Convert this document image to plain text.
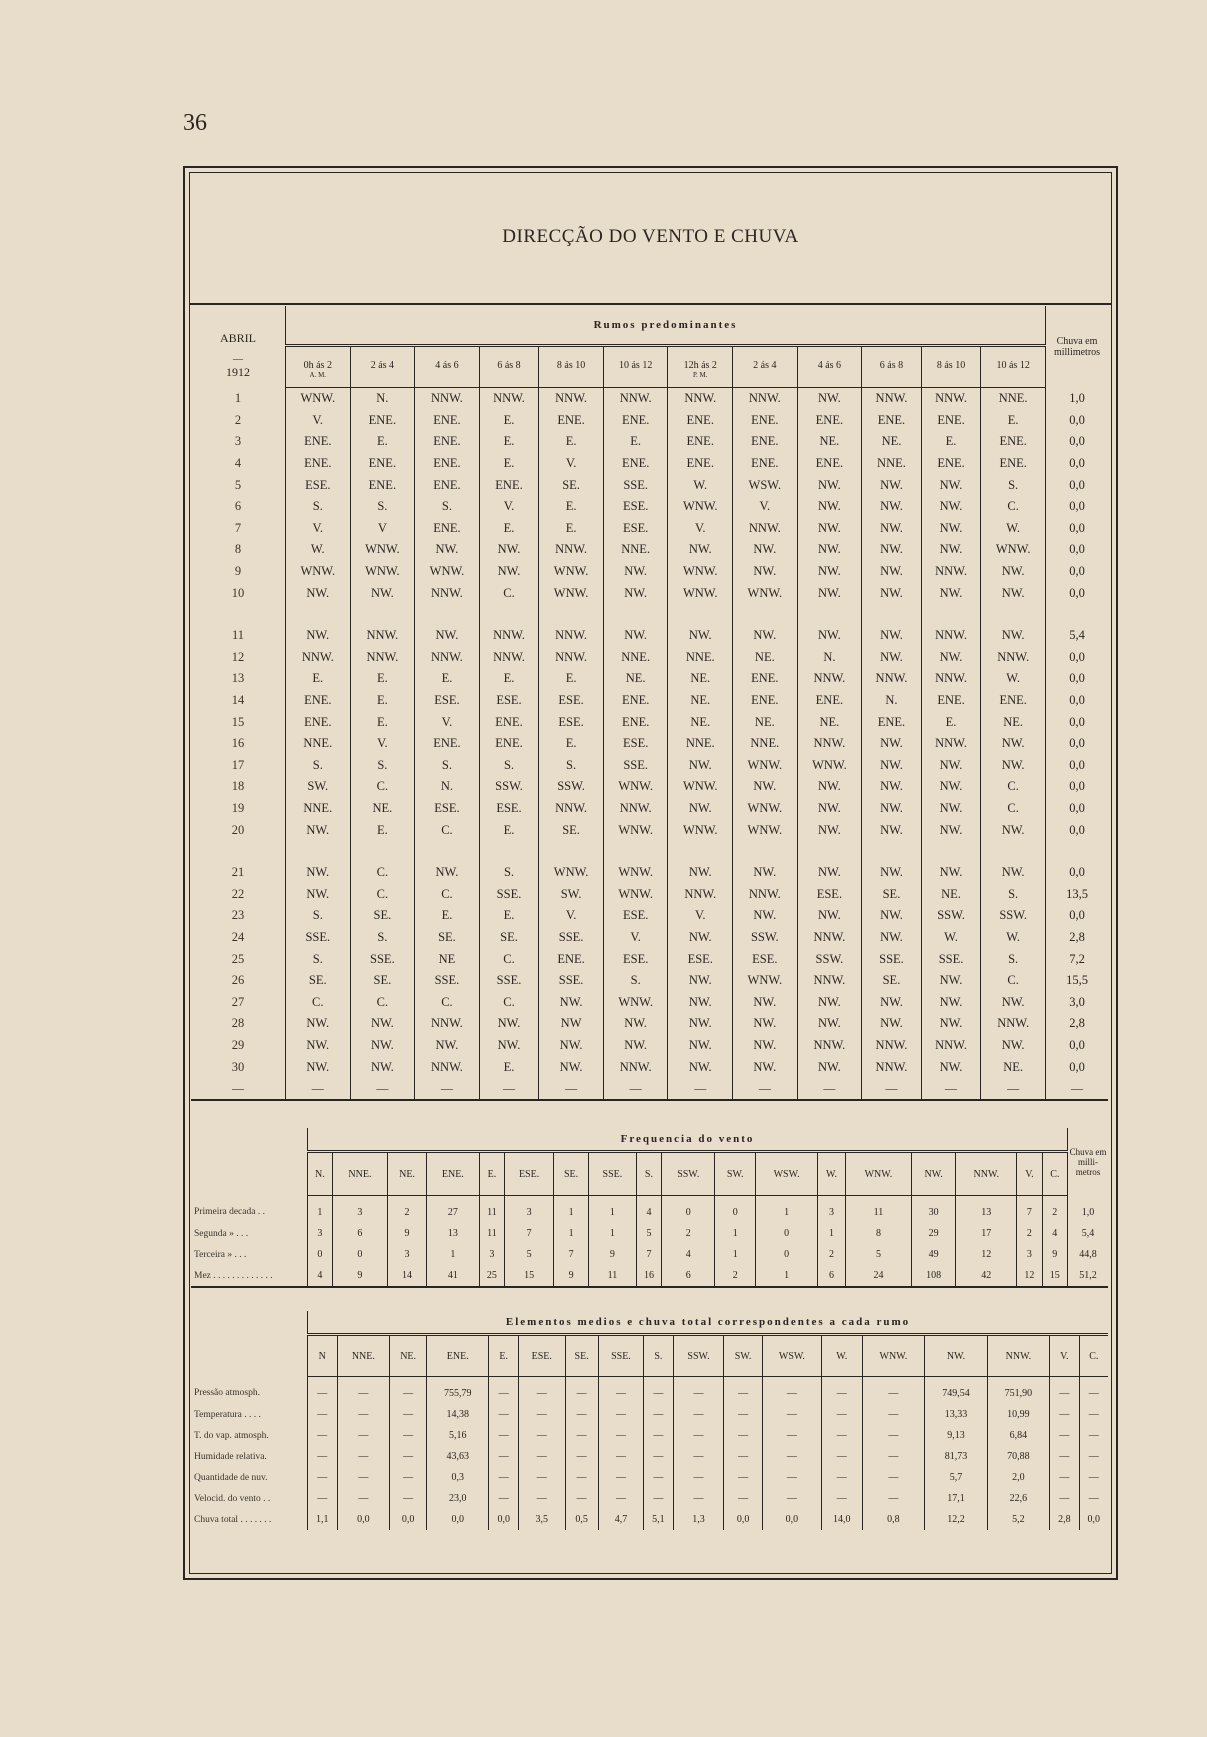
36
DIRECÇÃO DO VENTO E CHUVA
ABRIL	Rumos predominantes												Chuva em millimetros

—
1912	0h ás 2	2 ás 4	4 ás 6	6 ás 8	8 ás 10	10 ás 12	12h ás 2	2 ás 4	4 ás 6	6 ás 8	8 ás 10	10 ás 12	
	A. M.						P. M.						
1	WNW.	N.	NNW.	NNW.	NNW.	NNW.	NNW.	NNW.	NW.	NNW.	NNW.	NNE.	1,0
2	V.	ENE.	ENE.	E.	ENE.	ENE.	ENE.	ENE.	ENE.	ENE.	ENE.	E.	0,0
3	ENE.	E.	ENE.	E.	E.	E.	ENE.	ENE.	NE.	NE.	E.	ENE.	0,0
4	ENE.	ENE.	ENE.	E.	V.	ENE.	ENE.	ENE.	ENE.	NNE.	ENE.	ENE.	0,0
5	ESE.	ENE.	ENE.	ENE.	SE.	SSE.	W.	WSW.	NW.	NW.	NW.	S.	0,0
6	S.	S.	S.	V.	E.	ESE.	WNW.	V.	NW.	NW.	NW.	C.	0,0
7	V.	V	ENE.	E.	E.	ESE.	V.	NNW.	NW.	NW.	NW.	W.	0,0
8	W.	WNW.	NW.	NW.	NNW.	NNE.	NW.	NW.	NW.	NW.	NW.	WNW.	0,0
9	WNW.	WNW.	WNW.	NW.	WNW.	NW.	WNW.	NW.	NW.	NW.	NNW.	NW.	0,0
10	NW.	NW.	NNW.	C.	WNW.	NW.	WNW.	WNW.	NW.	NW.	NW.	NW.	0,0

11	NW.	NNW.	NW.	NNW.	NNW.	NW.	NW.	NW.	NW.	NW.	NNW.	NW.	5,4
12	NNW.	NNW.	NNW.	NNW.	NNW.	NNE.	NNE.	NE.	N.	NW.	NW.	NNW.	0,0
13	E.	E.	E.	E.	E.	NE.	NE.	ENE.	NNW.	NNW.	NNW.	W.	0,0
14	ENE.	E.	ESE.	ESE.	ESE.	ENE.	NE.	ENE.	ENE.	N.	ENE.	ENE.	0,0
15	ENE.	E.	V.	ENE.	ESE.	ENE.	NE.	NE.	NE.	ENE.	E.	NE.	0,0
16	NNE.	V.	ENE.	ENE.	E.	ESE.	NNE.	NNE.	NNW.	NW.	NNW.	NW.	0,0
17	S.	S.	S.	S.	S.	SSE.	NW.	WNW.	WNW.	NW.	NW.	NW.	0,0
18	SW.	C.	N.	SSW.	SSW.	WNW.	WNW.	NW.	NW.	NW.	NW.	C.	0,0
19	NNE.	NE.	ESE.	ESE.	NNW.	NNW.	NW.	WNW.	NW.	NW.	NW.	C.	0,0
20	NW.	E.	C.	E.	SE.	WNW.	WNW.	WNW.	NW.	NW.	NW.	NW.	0,0

21	NW.	C.	NW.	S.	WNW.	WNW.	NW.	NW.	NW.	NW.	NW.	NW.	0,0
22	NW.	C.	C.	SSE.	SW.	WNW.	NNW.	NNW.	ESE.	SE.	NE.	S.	13,5
23	S.	SE.	E.	E.	V.	ESE.	V.	NW.	NW.	NW.	SSW.	SSW.	0,0
24	SSE.	S.	SE.	SE.	SSE.	V.	NW.	SSW.	NNW.	NW.	W.	W.	2,8
25	S.	SSE.	NE	C.	ENE.	ESE.	ESE.	ESE.	SSW.	SSE.	SSE.	S.	7,2
26	SE.	SE.	SSE.	SSE.	SSE.	S.	NW.	WNW.	NNW.	SE.	NW.	C.	15,5
27	C.	C.	C.	C.	NW.	WNW.	NW.	NW.	NW.	NW.	NW.	NW.	3,0
28	NW.	NW.	NNW.	NW.	NW	NW.	NW.	NW.	NW.	NW.	NW.	NNW.	2,8
29	NW.	NW.	NW.	NW.	NW.	NW.	NW.	NW.	NNW.	NNW.	NNW.	NW.	0,0
30	NW.	NW.	NNW.	E.	NW.	NNW.	NW.	NW.	NW.	NNW.	NW.	NE.	0,0
—	—	—	—	—	—	—	—	—	—	—	—	—	—
	Frequencia do vento																		Chuva em milli-metros
	N.	NNE.	NE.	ENE.	E.	ESE.	SE.	SSE.	S.	SSW.	SW.	WSW.	W.	WNW.	NW.	NNW.	V.	C.	
Primeira decada . .	1	3	2	27	11	3	1	1	4	0	0	1	3	11	30	13	7	2	1,0
Segunda » . . .	3	6	9	13	11	7	1	1	5	2	1	0	1	8	29	17	2	4	5,4
Terceira » . . .	0	0	3	1	3	5	7	9	7	4	1	0	2	5	49	12	3	9	44,8
Mez . . . . . . . . . . . . .	4	9	14	41	25	15	9	11	16	6	2	1	6	24	108	42	12	15	51,2
	Elementos medios e chuva total correspondentes a cada rumo																	
	N	NNE.	NE.	ENE.	E.	ESE.	SE.	SSE.	S.	SSW.	SW.	WSW.	W.	WNW.	NW.	NNW.	V.	C.
Pressão atmosph.	—	—	—	755,79	—	—	—	—	—	—	—	—	—	—	749,54	751,90	—	—
Temperatura . . . .	—	—	—	14,38	—	—	—	—	—	—	—	—	—	—	13,33	10,99	—	—
T. do vap. atmosph.	—	—	—	5,16	—	—	—	—	—	—	—	—	—	—	9,13	6,84	—	—
Humidade relativa.	—	—	—	43,63	—	—	—	—	—	—	—	—	—	—	81,73	70,88	—	—
Quantidade de nuv.	—	—	—	0,3	—	—	—	—	—	—	—	—	—	—	5,7	2,0	—	—
Velocid. do vento . .	—	—	—	23,0	—	—	—	—	—	—	—	—	—	—	17,1	22,6	—	—
Chuva total . . . . . . .	1,1	0,0	0,0	0,0	0,0	3,5	0,5	4,7	5,1	1,3	0,0	0,0	14,0	0,8	12,2	5,2	2,8	0,0
